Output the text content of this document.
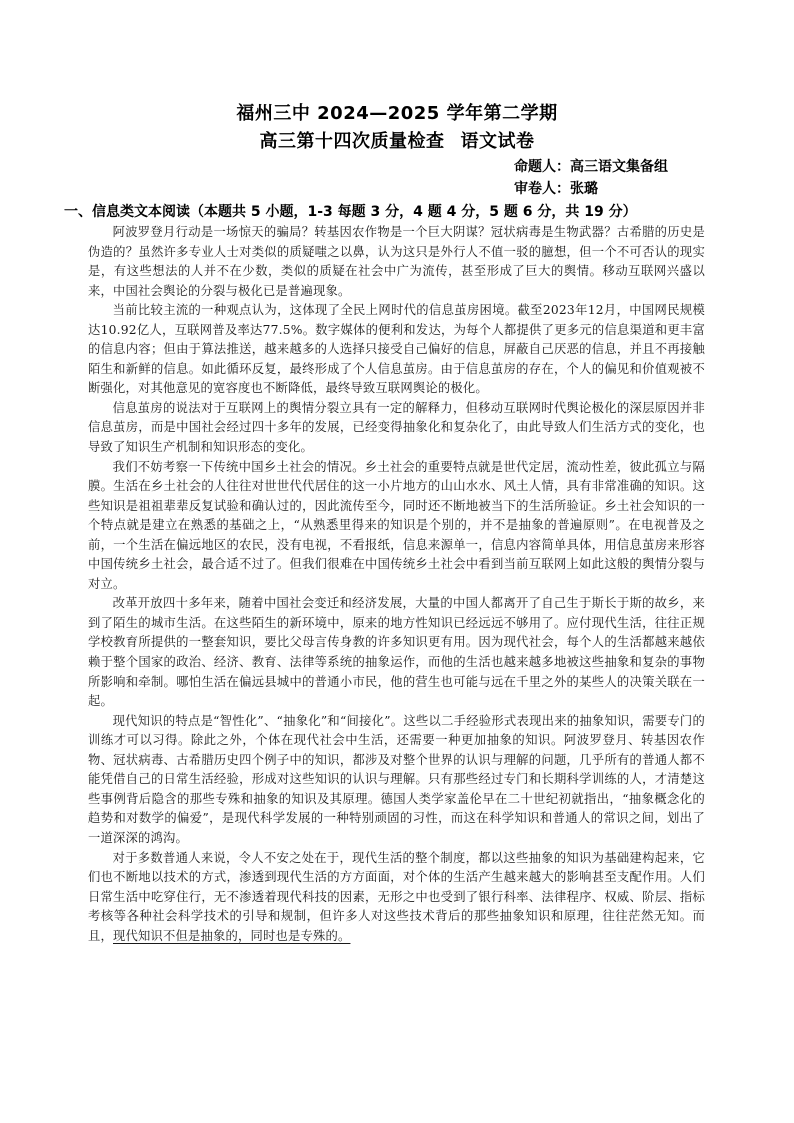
福州三中 2024—2025 学年第二学期
高三第十四次质量检查 语文试卷
命题人：高三语文集备组
审卷人：张璐
一、信息类文本阅读（本题共 5 小题，1-3 每题 3 分，4 题 4 分，5 题 6 分，共 19 分）

阿波罗登月行动是一场惊天的骗局？转基因农作物是一个巨大阴谋？冠状病毒是生物武器？古希腊的历史是伪造的？虽然许多专业人士对类似的质疑嗤之以鼻，认为这只是外行人不值一驳的臆想，但一个不可否认的现实是，有这些想法的人并不在少数，类似的质疑在社会中广为流传，甚至形成了巨大的舆情。移动互联网兴盛以来，中国社会舆论的分裂与极化已是普遍现象。

当前比较主流的一种观点认为，这体现了全民上网时代的信息茧房困境。截至2023年12月，中国网民规模达10.92亿人，互联网普及率达77.5%。数字媒体的便利和发达，为每个人都提供了更多元的信息渠道和更丰富的信息内容；但由于算法推送，越来越多的人选择只接受自己偏好的信息，屏蔽自己厌恶的信息，并且不再接触陌生和新鲜的信息。如此循环反复，最终形成了个人信息茧房。由于信息茧房的存在，个人的偏见和价值观被不断强化，对其他意见的宽容度也不断降低，最终导致互联网舆论的极化。

信息茧房的说法对于互联网上的舆情分裂立具有一定的解释力，但移动互联网时代舆论极化的深层原因并非信息茧房，而是中国社会经过四十多年的发展，已经变得抽象化和复杂化了，由此导致人们生活方式的变化，也导致了知识生产机制和知识形态的变化。

我们不妨考察一下传统中国乡土社会的情况。乡土社会的重要特点就是世代定居，流动性差，彼此孤立与隔膜。生活在乡土社会的人往往对世世代代居住的这一小片地方的山山水水、风土人情，具有非常准确的知识。这些知识是祖祖辈辈反复试验和确认过的，因此流传至今，同时还不断地被当下的生活所验证。乡土社会知识的一个特点就是建立在熟悉的基础之上，“从熟悉里得来的知识是个别的，并不是抽象的普遍原则”。在电视普及之前，一个生活在偏远地区的农民，没有电视，不看报纸，信息来源单一，信息内容简单具体，用信息茧房来形容中国传统乡土社会，最合适不过了。但我们很难在中国传统乡土社会中看到当前互联网上如此这般的舆情分裂与对立。

改革开放四十多年来，随着中国社会变迁和经济发展，大量的中国人都离开了自己生于斯长于斯的故乡，来到了陌生的城市生活。在这些陌生的新环境中，原来的地方性知识已经远远不够用了。应付现代生活，往往正规学校教育所提供的一整套知识，要比父母言传身教的许多知识更有用。因为现代社会，每个人的生活都越来越依赖于整个国家的政治、经济、教育、法律等系统的抽象运作，而他的生活也越来越多地被这些抽象和复杂的事物所影响和牵制。哪怕生活在偏远县城中的普通小市民，他的营生也可能与远在千里之外的某些人的决策关联在一起。

现代知识的特点是“智性化”、“抽象化”和“间接化”。这些以二手经验形式表现出来的抽象知识，需要专门的训练才可以习得。除此之外，个体在现代社会中生活，还需要一种更加抽象的知识。阿波罗登月、转基因农作物、冠状病毒、古希腊历史四个例子中的知识，都涉及对整个世界的认识与理解的问题，几乎所有的普通人都不能凭借自己的日常生活经验，形成对这些知识的认识与理解。只有那些经过专门和长期科学训练的人，才清楚这些事例背后隐含的那些专殊和抽象的知识及其原理。德国人类学家盖伦早在二十世纪初就指出，“抽象概念化的趋势和对数学的偏爱”，是现代科学发展的一种特别顽固的习性，而这在科学知识和普通人的常识之间，划出了一道深深的鸿沟。

对于多数普通人来说，令人不安之处在于，现代生活的整个制度，都以这些抽象的知识为基础建构起来，它们也不断地以技术的方式，渗透到现代生活的方方面面，对个体的生活产生越来越大的影响甚至支配作用。人们日常生活中吃穿住行，无不渗透着现代科技的因素，无形之中也受到了银行科率、法律程序、权威、阶层、指标考核等各种社会科学技术的引导和规制，但许多人对这些技术背后的那些抽象知识和原理，往往茫然无知。而且，现代知识不但是抽象的，同时也是专殊的。
